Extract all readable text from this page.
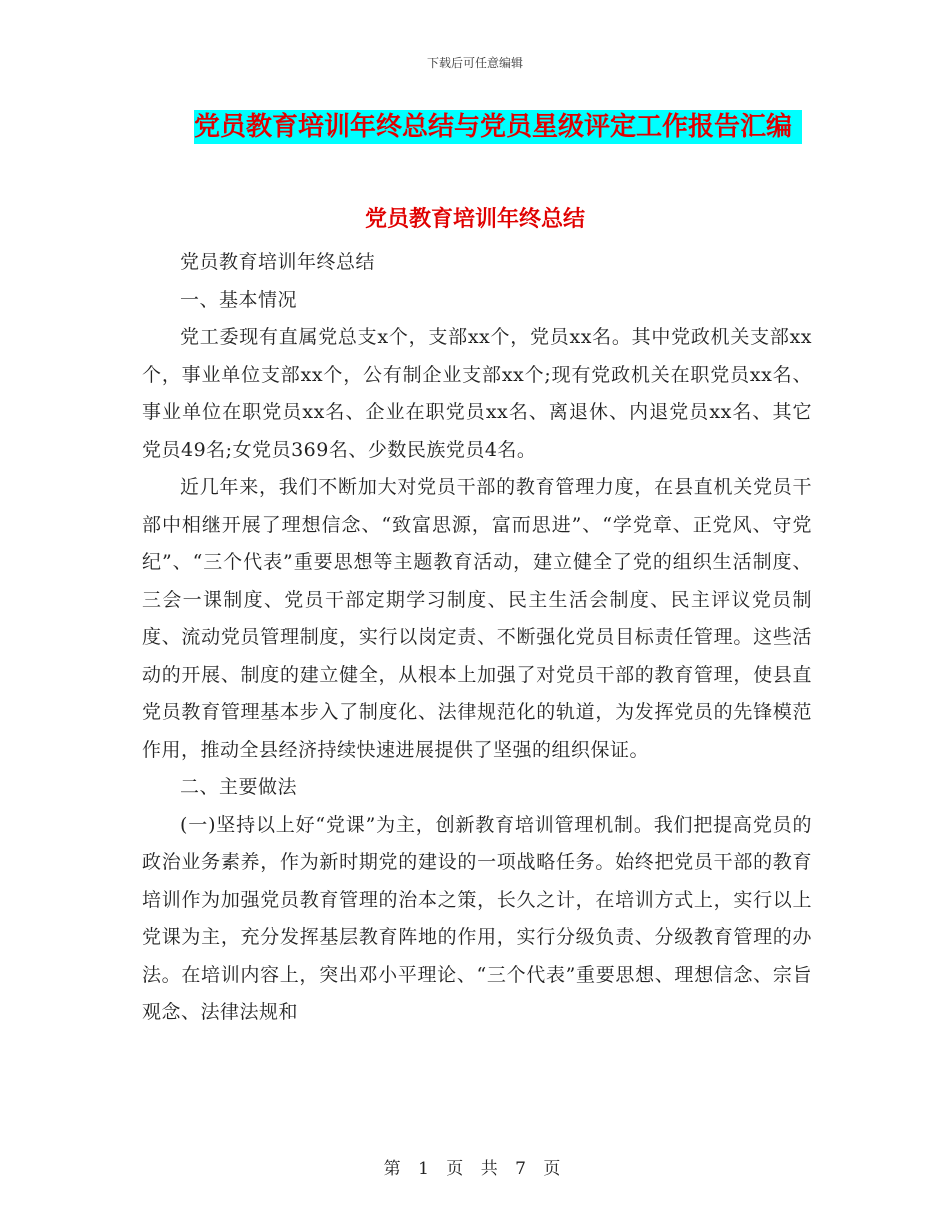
下载后可任意编辑
党员教育培训年终总结与党员星级评定工作报告汇编
党员教育培训年终总结

党员教育培训年终总结

一、基本情况

党工委现有直属党总支x个，支部xx个，党员xx名。其中党政机关支部xx个，事业单位支部xx个，公有制企业支部xx个;现有党政机关在职党员xx名、事业单位在职党员xx名、企业在职党员xx名、离退休、内退党员xx名、其它党员49名;女党员369名、少数民族党员4名。

近几年来，我们不断加大对党员干部的教育管理力度，在县直机关党员干部中相继开展了理想信念、“致富思源，富而思进”、“学党章、正党风、守党纪”、“三个代表”重要思想等主题教育活动，建立健全了党的组织生活制度、三会一课制度、党员干部定期学习制度、民主生活会制度、民主评议党员制度、流动党员管理制度，实行以岗定责、不断强化党员目标责任管理。这些活动的开展、制度的建立健全，从根本上加强了对党员干部的教育管理，使县直党员教育管理基本步入了制度化、法律规范化的轨道，为发挥党员的先锋模范作用，推动全县经济持续快速进展提供了坚强的组织保证。

二、主要做法

(一)坚持以上好“党课”为主，创新教育培训管理机制。我们把提高党员的政治业务素养，作为新时期党的建设的一项战略任务。始终把党员干部的教育培训作为加强党员教育管理的治本之策，长久之计，在培训方式上，实行以上党课为主，充分发挥基层教育阵地的作用，实行分级负责、分级教育管理的办法。在培训内容上，突出邓小平理论、“三个代表”重要思想、理想信念、宗旨观念、法律法规和

第 1 页 共 7 页
